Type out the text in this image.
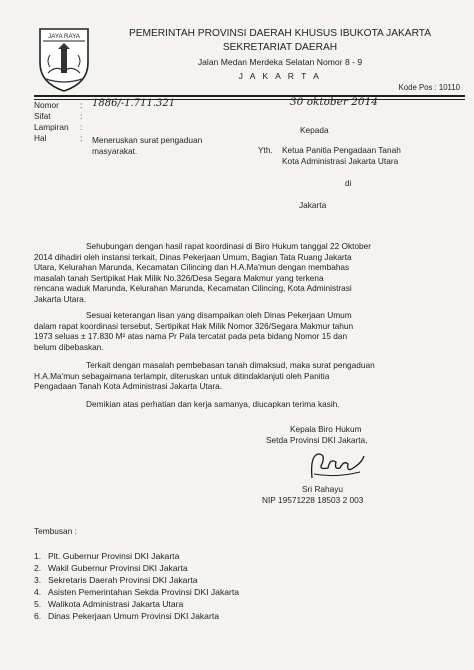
JAYA RAYA	PEMERINTAH PROVINSI DAERAH KHUSUS IBUKOTA JAKARTA
SEKRETARIAT DAERAH
Jalan Medan Merdeka Selatan Nomor 8 - 9
J A K A R T A
Kode Pos : 10110
Nomor	: 1886/-1.711.321
Sifat	:
Lampiran :
Hal	: Meneruskan surat pengaduan
masyarakat.
30 oktober 2014
Kepada
Yth. Ketua Panitia Pengadaan Tanah
Kota Administrasi Jakarta Utara
di
Jakarta
Sehubungan dengan hasil rapat koordinasi di Biro Hukum tanggal 22 Oktober
2014 dihadiri oleh instansi terkait, Dinas Pekerjaan Umum, Bagian Tata Ruang Jakarta
Utara, Kelurahan Marunda, Kecamatan Cilincing dan H.A.Ma'mun dengan membahas
masalah tanah Sertipikat Hak Milik No.326/Desa Segara Makmur yang terkena
rencana waduk Marunda, Kelurahan Marunda, Kecamatan Cilincing, Kota Administrasi
Jakarta Utara.
Sesuai keterangan lisan yang disampaikan oleh Dinas Pekerjaan Umum
dalam rapat koordinasi tersebut, Sertipikat Hak Milik Nomor 326/Segara Makmur tahun
1973 seluas ± 17.830 M² atas nama Pr Pala tercatat pada peta bidang Nomor 15 dan
belum dibebaskan.
Terkait dengan masalah pembebasan tanah dimaksud, maka surat pengaduan
H.A.Ma'mun sebagaimana terlampir, diteruskan untuk ditindaklanjuti oleh Panitia
Pengadaan Tanah Kota Administrasi Jakarta Utara.
Demikian atas perhatian dan kerja samanya, diucapkan terima kasih.
Kepala Biro Hukum
Setda Provinsi DKI Jakarta,
Sri Rahayu
NIP 19571228 18503 2 003
Tembusan :
1. Plt. Gubernur Provinsi DKI Jakarta
2. Wakil Gubernur Provinsi DKI Jakarta
3. Sekretaris Daerah Provinsi DKI Jakarta
4. Asisten Pemerintahan Sekda Provinsi DKI Jakarta
5. Walikota Administrasi Jakarta Utara
6. Dinas Pekerjaan Umum Provinsi DKI Jakarta
